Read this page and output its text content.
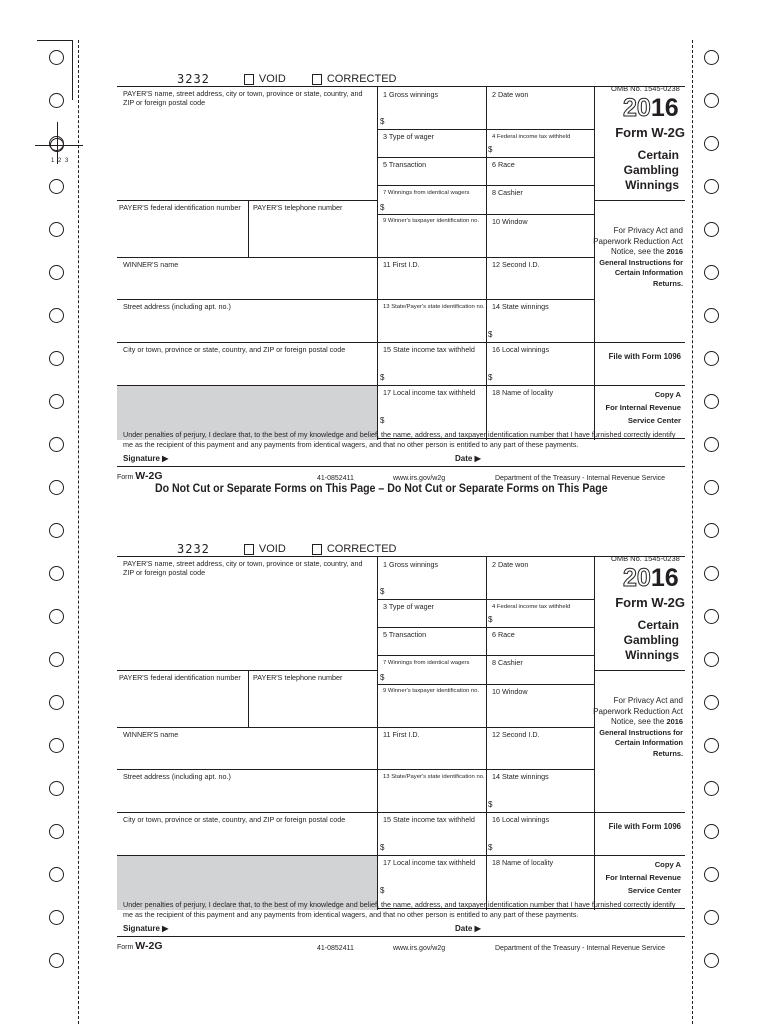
1 2 3
3232	VOID	CORRECTED
OMB No. 1545-0238
2016
Form W-2G
Certain Gambling Winnings
For Privacy Act and Paperwork Reduction Act Notice, see the 2016 General Instructions for Certain Information Returns.
File with Form 1096
Copy A
For Internal Revenue Service Center
PAYER'S name, street address, city or town, province or state, country, and ZIP or foreign postal code
PAYER'S federal identification number PAYER'S telephone number
WINNER'S name
Street address (including apt. no.)
City or town, province or state, country, and ZIP or foreign postal code
1 Gross winnings
$
2 Date won
3 Type of wager	4 Federal income tax withheld
$
5 Transaction	6 Race
7 Winnings from identical wagers
$
8 Cashier
9 Winner's taxpayer identification no. 10 Window
11 First I.D.	12 Second I.D.
13 State/Payer's state identification no. 14 State winnings
$
15 State income tax withheld
$
16 Local winnings
$
17 Local income tax withheld
$
18 Name of locality
Under penalties of perjury, I declare that, to the best of my knowledge and belief, the name, address, and taxpayer identification number that I have furnished correctly identify me as the recipient of this payment and any payments from identical wagers, and that no other person is entitled to any part of these payments.
Signature ▶	Date ▶
Form W-2G	41-0852411	www.irs.gov/w2g	Department of the Treasury - Internal Revenue Service
Do Not Cut or Separate Forms on This Page – Do Not Cut or Separate Forms on This Page
3232	VOID	CORRECTED
OMB No. 1545-0238
2016
Form W-2G
Certain Gambling Winnings
For Privacy Act and Paperwork Reduction Act Notice, see the 2016 General Instructions for Certain Information Returns.
File with Form 1096
Copy A
For Internal Revenue Service Center
PAYER'S name, street address, city or town, province or state, country, and ZIP or foreign postal code
PAYER'S federal identification number PAYER'S telephone number
WINNER'S name
Street address (including apt. no.)
City or town, province or state, country, and ZIP or foreign postal code
1 Gross winnings
$
2 Date won
3 Type of wager	4 Federal income tax withheld
$
5 Transaction	6 Race
7 Winnings from identical wagers
$
8 Cashier
9 Winner's taxpayer identification no. 10 Window
11 First I.D.	12 Second I.D.
13 State/Payer's state identification no. 14 State winnings
$
15 State income tax withheld
$
16 Local winnings
$
17 Local income tax withheld
$
18 Name of locality
Under penalties of perjury, I declare that, to the best of my knowledge and belief, the name, address, and taxpayer identification number that I have furnished correctly identify me as the recipient of this payment and any payments from identical wagers, and that no other person is entitled to any part of these payments.
Signature ▶	Date ▶
Form W-2G	41-0852411	www.irs.gov/w2g	Department of the Treasury - Internal Revenue Service
